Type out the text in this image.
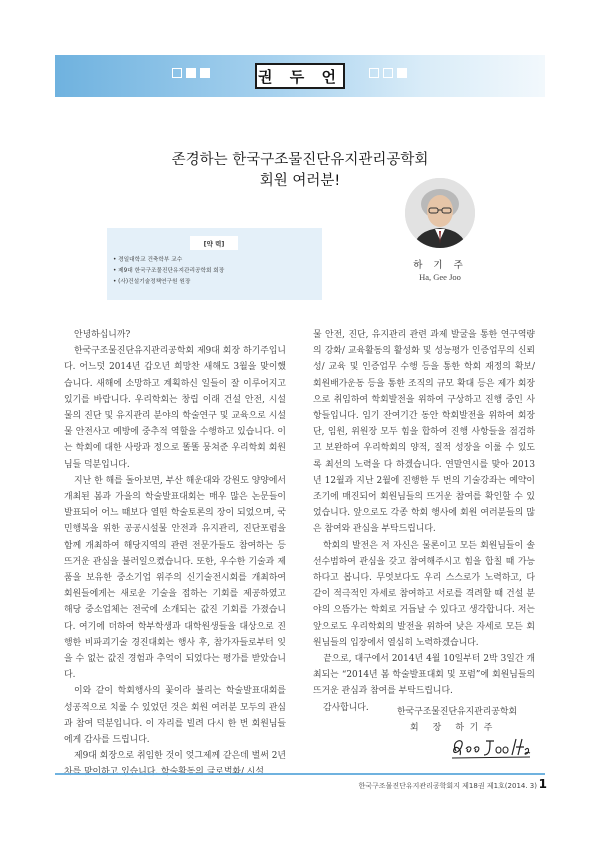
권 두 언
존경하는 한국구조물진단유지관리공학회
회원 여러분!
하 기 주
Ha, Gee Joo
[약 력]
• 경일대학교 건축학부 교수
• 제9대 한국구조물진단유지관리공학회 회장
• (사)건설기술정책연구원 원장

안녕하십니까?

한국구조물진단유지관리공학회 제9대 회장 하기주입니다. 어느덧 2014년 갑오년 희망찬 새해도 3월을 맞이했습니다. 새해에 소망하고 계획하신 일들이 잘 이루어지고 있기를 바랍니다. 우리학회는 창립 이래 건설 안전, 시설물의 진단 및 유지관리 분야의 학술연구 및 교육으로 시설물 안전사고 예방에 중추적 역할을 수행하고 있습니다. 이는 학회에 대한 사랑과 정으로 똘똘 뭉쳐준 우리학회 회원님들 덕분입니다.

지난 한 해를 돌아보면, 부산 해운대와 강원도 양양에서 개최된 봄과 가을의 학술발표대회는 매우 많은 논문들이 발표되어 어느 때보다 열띤 학술토론의 장이 되었으며, 국민행복을 위한 공공시설물 안전과 유지관리, 진단포럼을 함께 개최하여 해당지역의 관련 전문가들도 참여하는 등 뜨거운 관심을 불러일으켰습니다. 또한, 우수한 기술과 제품을 보유한 중소기업 위주의 신기술전시회를 개최하여 회원들에게는 새로운 기술을 접하는 기회를 제공하였고 해당 중소업체는 전국에 소개되는 값진 기회를 가졌습니다. 여기에 더하여 학부학생과 대학원생들을 대상으로 진행한 비파괴기술 경진대회는 행사 후, 참가자들로부터 잊을 수 없는 값진 경험과 추억이 되었다는 평가를 받았습니다.

이와 같이 학회행사의 꽃이라 불리는 학술발표대회를 성공적으로 치룰 수 있었던 것은 회원 여러분 모두의 관심과 참여 덕분입니다. 이 자리를 빌려 다시 한 번 회원님들에게 감사를 드립니다.

제9대 회장으로 취임한 것이 엊그제께 같은데 벌써 2년

물 안전, 진단, 유지관리 관련 과제 발굴을 통한 연구역량의 강화/ 교육활동의 활성화 및 성능평가 인증업무의 신뢰성/ 교육 및 인증업무 수행 등을 통한 학회 재정의 확보/ 회원배가운동 등을 통한 조직의 규모 확대 등은 제가 회장으로 취임하여 학회발전을 위하여 구상하고 진행 중인 사항들입니다. 임기 잔여기간 동안 학회발전을 위하여 회장단, 임원, 위원장 모두 힘을 합하여 진행 사항들을 점검하고 보완하여 우리학회의 양적, 질적 성장을 이룰 수 있도록 최선의 노력을 다 하겠습니다. 연말연시를 맞아 2013년 12월과 지난 2월에 진행한 두 번의 기술강좌는 예약이 조기에 매진되어 회원님들의 뜨거운 참여를 확인할 수 있었습니다. 앞으로도 각종 학회 행사에 회원 여러분들의 많은 참여와 관심을 부탁드립니다.

학회의 발전은 저 자신은 물론이고 모든 회원님들이 솔선수범하여 관심을 갖고 참여해주시고 힘을 합칠 때 가능하다고 봅니다. 무엇보다도 우리 스스로가 노력하고, 다 같이 적극적인 자세로 참여하고 서로를 격려할 때 건설 분야의 으뜸가는 학회로 거듭날 수 있다고 생각합니다. 저는 앞으로도 우리학회의 발전을 위하여 낮은 자세로 모든 회원님들의 입장에서 열심히 노력하겠습니다.

끝으로, 대구에서 2014년 4월 10일부터 2박 3일간 개최되는 “2014년 봄 학술발표대회 및 포럼”에 회원님들의 뜨거운 관심과 참여를 부탁드립니다.

감사합니다.	한국구조물진단유지관리공학회
회     장     하  기  주
한국구조물진단유지관리공학회지 제18권 제1호(2014. 3) 1
